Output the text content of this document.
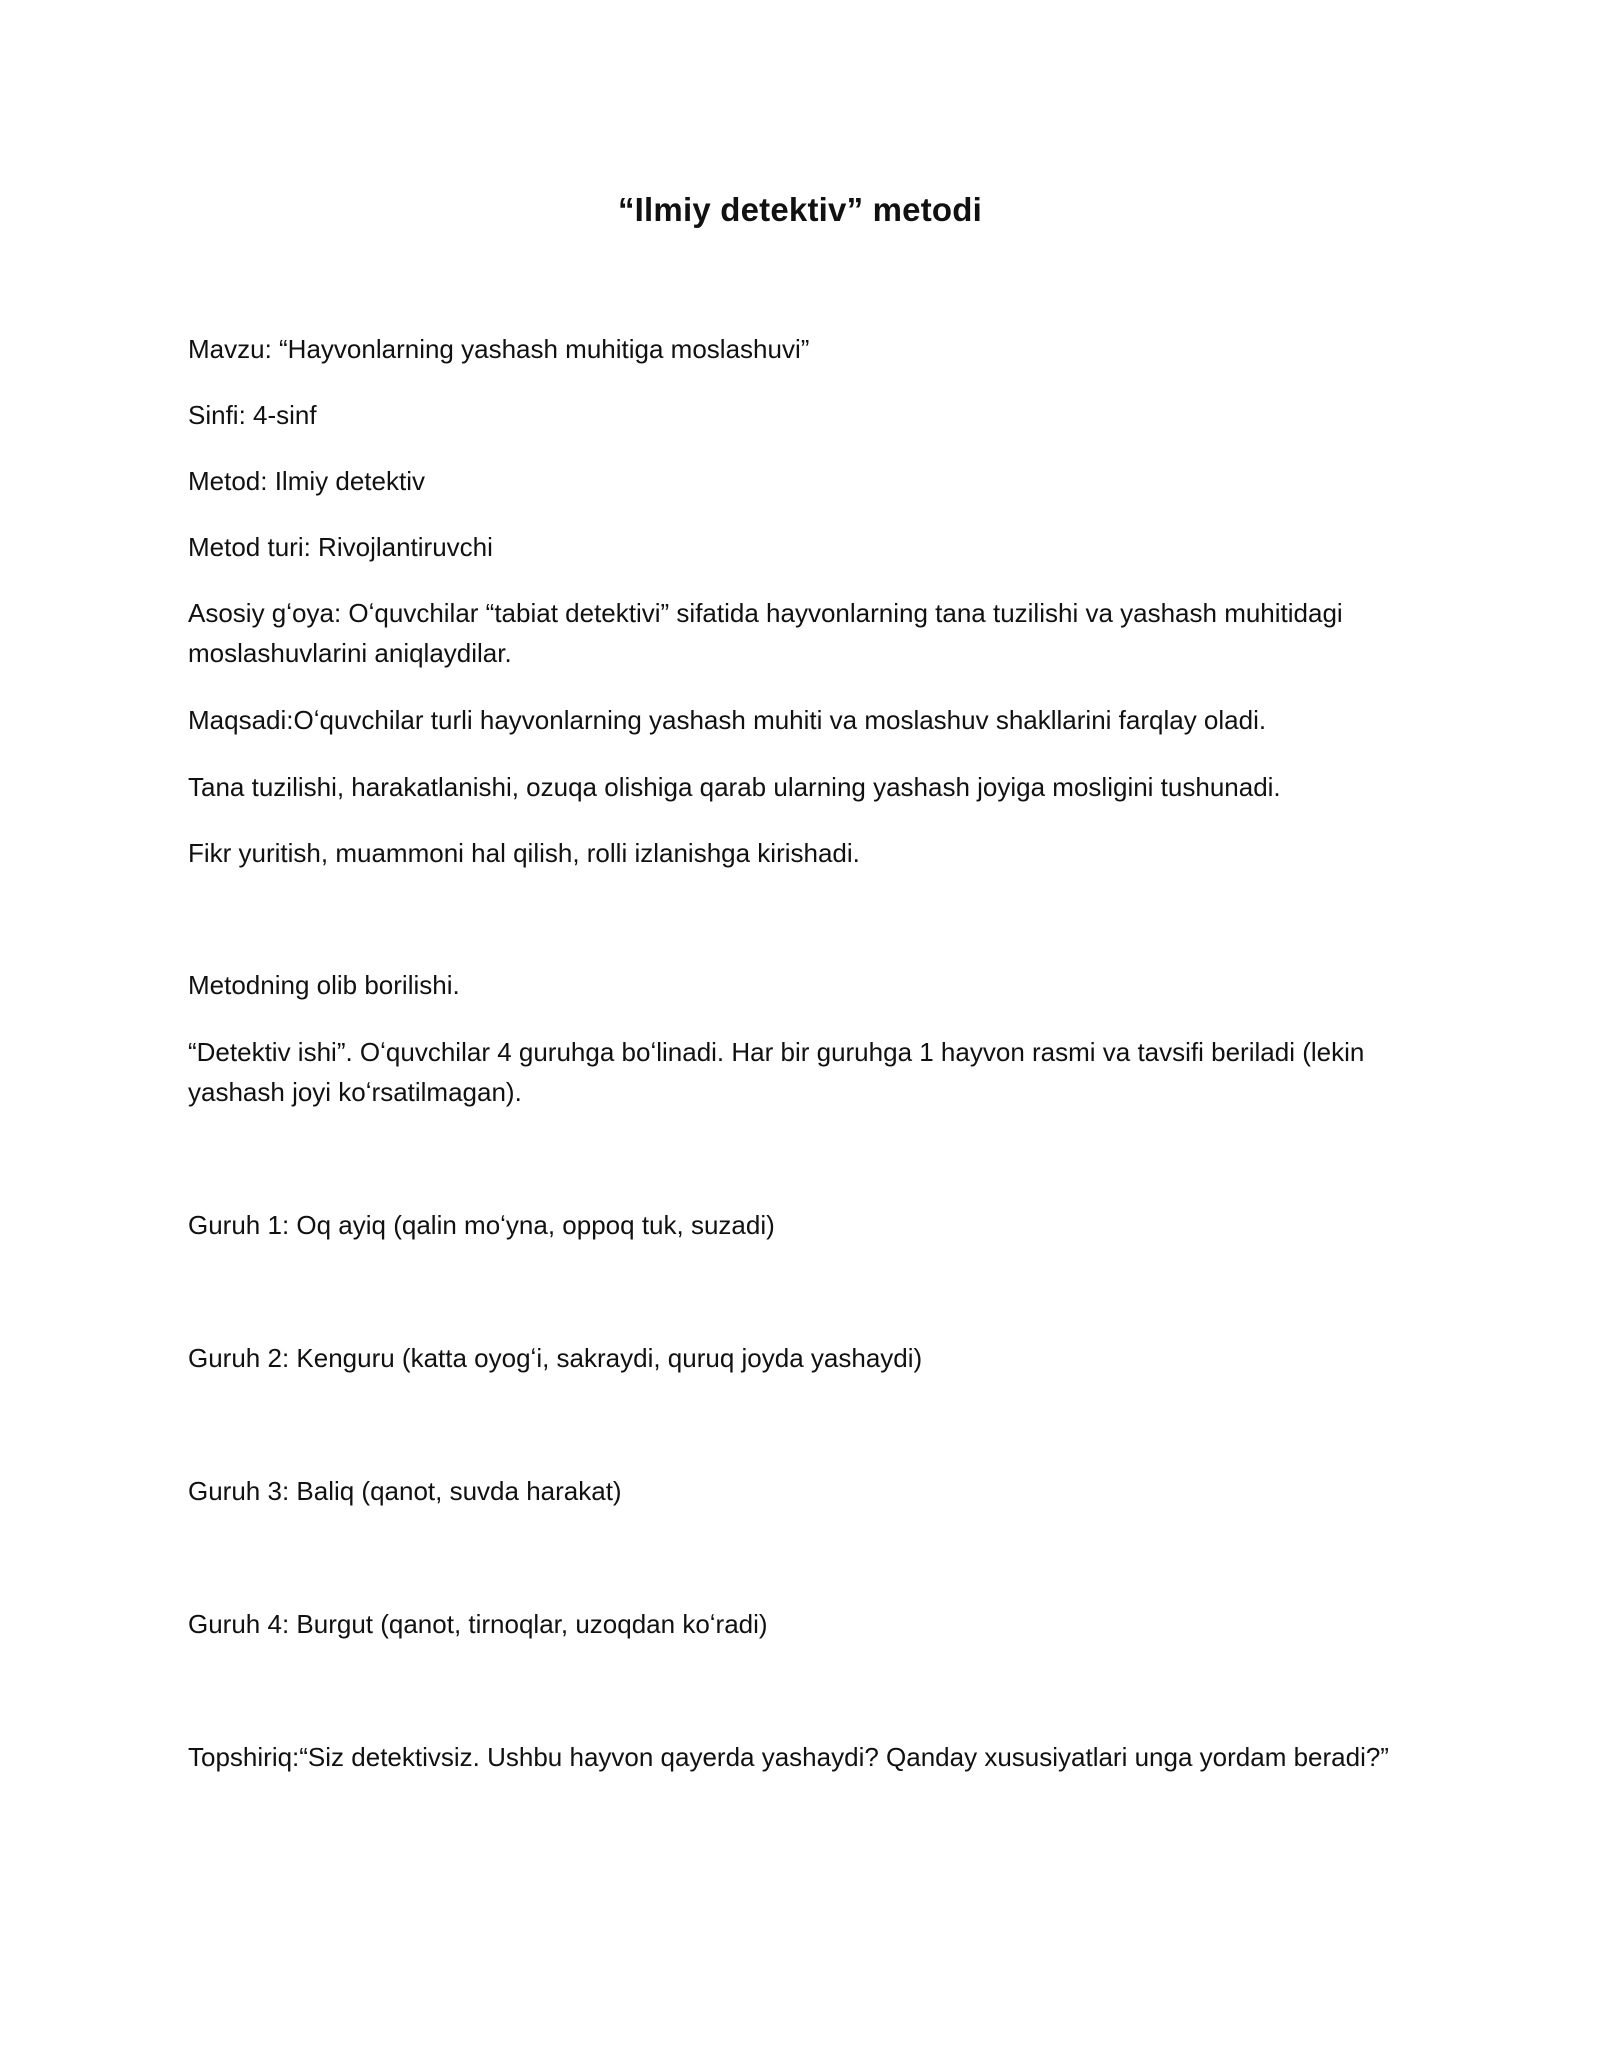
“Ilmiy detektiv” metodi
Mavzu: “Hayvonlarning yashash muhitiga moslashuvi”
Sinfi: 4-sinf
Metod: Ilmiy detektiv
Metod turi: Rivojlantiruvchi
Asosiy gʻoya: Oʻquvchilar “tabiat detektivi” sifatida hayvonlarning tana tuzilishi va yashash muhitidagi
moslashuvlarini aniqlaydilar.
Maqsadi:Oʻquvchilar turli hayvonlarning yashash muhiti va moslashuv shakllarini farqlay oladi.
Tana tuzilishi, harakatlanishi, ozuqa olishiga qarab ularning yashash joyiga mosligini tushunadi.
Fikr yuritish, muammoni hal qilish, rolli izlanishga kirishadi.
Metodning olib borilishi.
“Detektiv ishi”. Oʻquvchilar 4 guruhga boʻlinadi. Har bir guruhga 1 hayvon rasmi va tavsifi beriladi (lekin
yashash joyi koʻrsatilmagan).
Guruh 1: Oq ayiq (qalin moʻyna, oppoq tuk, suzadi)
Guruh 2: Kenguru (katta oyogʻi, sakraydi, quruq joyda yashaydi)
Guruh 3: Baliq (qanot, suvda harakat)
Guruh 4: Burgut (qanot, tirnoqlar, uzoqdan koʻradi)
Topshiriq:“Siz detektivsiz. Ushbu hayvon qayerda yashaydi? Qanday xususiyatlari unga yordam beradi?”
